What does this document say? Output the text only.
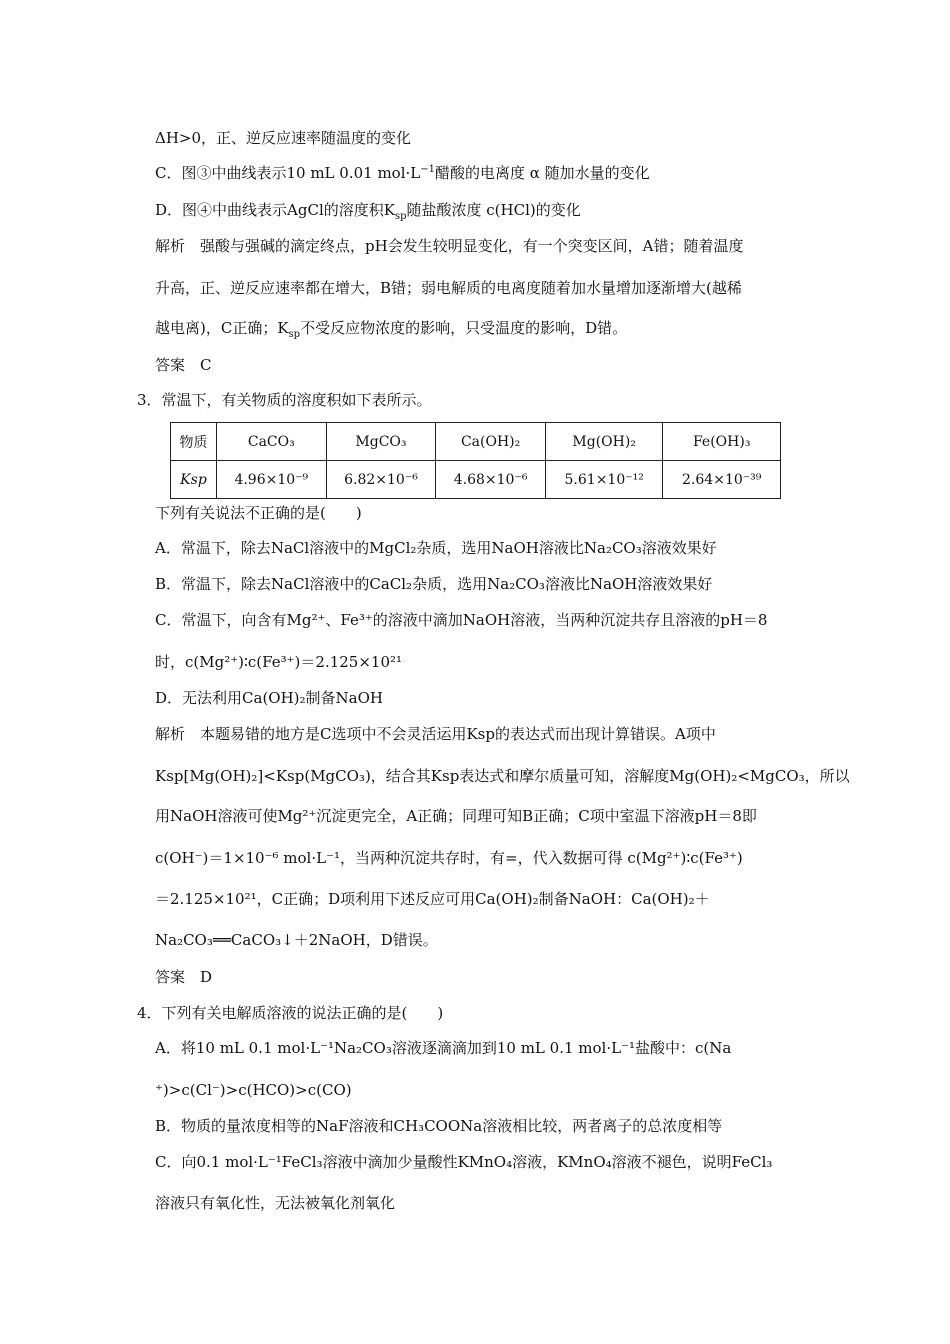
ΔH>0，正、逆反应速率随温度的变化
C．图③中曲线表示10 mL 0.01 $mol\cdot L^{-1}$醋酸的电离度 α 随加水量的变化
D．图④中曲线表示AgCl的溶度积$K_{sp}$随盐酸浓度 c(HCl)的变化
解析　强酸与强碱的滴定终点，pH会发生较明显变化，有一个突变区间，A错；随着温度
升高，正、逆反应速率都在增大，B错；弱电解质的电离度随着加水量增加逐渐增大(越稀
越电离)，C正确；$K_{sp}$不受反应物浓度的影响，只受温度的影响，D错。
答案　C
3．常温下，有关物质的溶度积如下表所示。
物质	CaCO₃	MgCO₃	Ca(OH)₂	Mg(OH)₂	Fe(OH)₃
Ksp	4.96×10⁻⁹	6.82×10⁻⁶	4.68×10⁻⁶	5.61×10⁻¹²	2.64×10⁻³⁹
下列有关说法不正确的是(　　)
A．常温下，除去NaCl溶液中的MgCl₂杂质，选用NaOH溶液比Na₂CO₃溶液效果好
B．常温下，除去NaCl溶液中的CaCl₂杂质，选用Na₂CO₃溶液比NaOH溶液效果好
C．常温下，向含有Mg²⁺、Fe³⁺的溶液中滴加NaOH溶液，当两种沉淀共存且溶液的pH＝8
时，c(Mg²⁺)∶c(Fe³⁺)＝2.125×10²¹
D．无法利用Ca(OH)₂制备NaOH
解析　本题易错的地方是C选项中不会灵活运用Ksp的表达式而出现计算错误。A项中
Ksp[Mg(OH)₂]<Ksp(MgCO₃)，结合其Ksp表达式和摩尔质量可知，溶解度Mg(OH)₂<MgCO₃，所以
用NaOH溶液可使Mg²⁺沉淀更完全，A正确；同理可知B正确；C项中室温下溶液pH＝8即
c(OH⁻)＝1×10⁻⁶ mol·L⁻¹，当两种沉淀共存时，有=，代入数据可得 c(Mg²⁺)∶c(Fe³⁺)
＝2.125×10²¹，C正确；D项利用下述反应可用Ca(OH)₂制备NaOH：Ca(OH)₂＋
Na₂CO₃══CaCO₃↓＋2NaOH，D错误。
答案　D
4．下列有关电解质溶液的说法正确的是(　　)
A．将10 mL 0.1 mol·L⁻¹Na₂CO₃溶液逐滴滴加到10 mL 0.1 mol·L⁻¹盐酸中：c(Na
⁺)>c(Cl⁻)>c(HCO)>c(CO)
B．物质的量浓度相等的NaF溶液和CH₃COONa溶液相比较，两者离子的总浓度相等
C．向0.1 mol·L⁻¹FeCl₃溶液中滴加少量酸性KMnO₄溶液，KMnO₄溶液不褪色，说明FeCl₃
溶液只有氧化性，无法被氧化剂氧化
